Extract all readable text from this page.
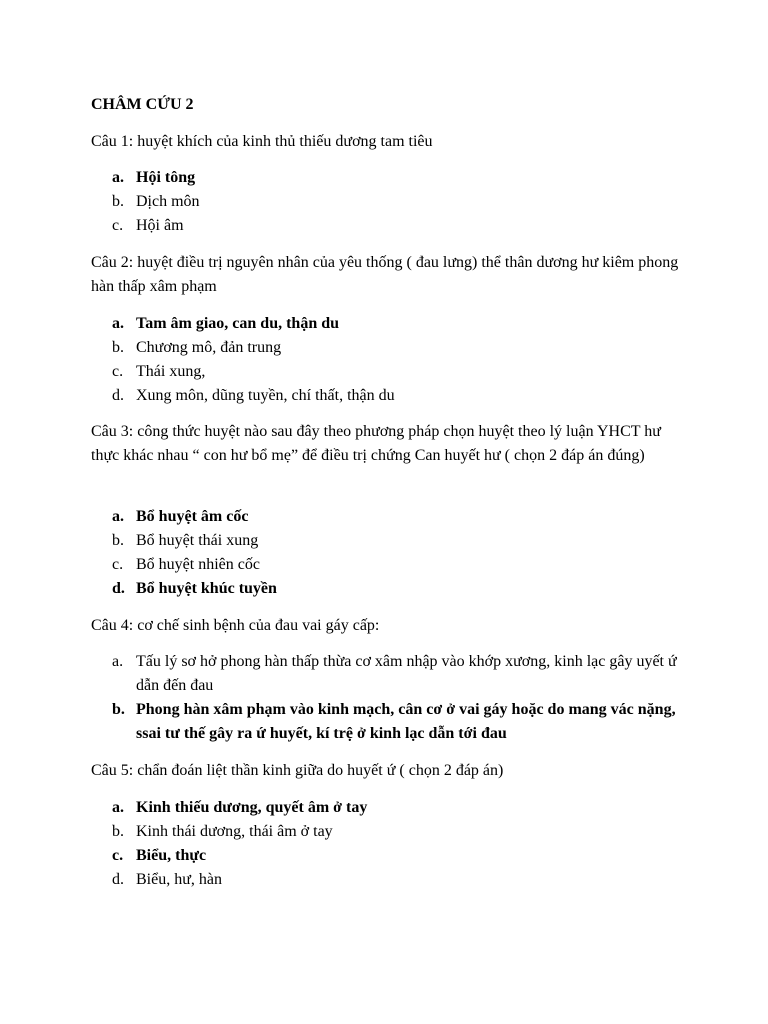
CHÂM CỨU 2
Câu 1: huyệt khích của kinh thủ thiếu dương tam tiêu
a. Hội tông
b. Dịch môn
c. Hội âm
Câu 2: huyệt điều trị nguyên nhân của yêu thống ( đau lưng) thể thân dương hư kiêm phong hàn thấp xâm phạm
a. Tam âm giao, can du, thận du
b. Chương mô, đản trung
c. Thái xung,
d. Xung môn, dũng tuyền, chí thất, thận du
Câu 3: công thức huyệt nào sau đây theo phương pháp chọn huyệt theo lý luận YHCT hư thực khác nhau “ con hư bổ mẹ” để điều trị chứng Can huyết hư ( chọn 2 đáp án đúng)
a. Bổ huyệt âm cốc
b. Bổ huyệt thái xung
c. Bổ huyệt nhiên cốc
d. Bổ huyệt khúc tuyền
Câu 4: cơ chế sinh bệnh của đau vai gáy cấp:
a. Tấu lý sơ hở phong hàn thấp thừa cơ xâm nhập vào khớp xương, kinh lạc gây uyết ứ dẫn đến đau
b. Phong hàn xâm phạm vào kinh mạch, cân cơ ở vai gáy hoặc do mang vác nặng, ssai tư thế gây ra ứ huyết, kí trệ ở kinh lạc dẫn tới đau
Câu 5: chẩn đoán liệt thần kinh giữa do huyết ứ ( chọn 2 đáp án)
a. Kinh thiếu dương, quyết âm ở tay
b. Kinh thái dương, thái âm ở tay
c. Biểu, thực
d. Biểu, hư, hàn
